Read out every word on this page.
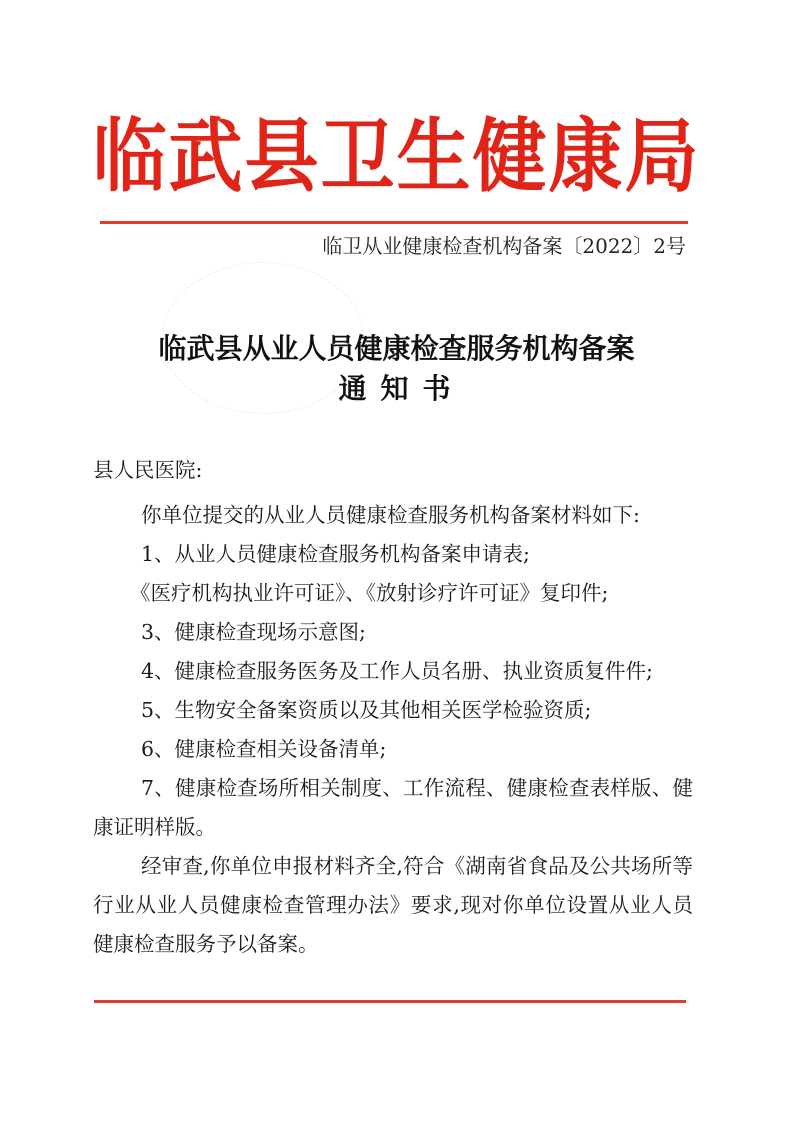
临武县卫生健康局
临卫从业健康检查机构备案〔2022〕2号
临武县从业人员健康检查服务机构备案
通知书
县人民医院:

你单位提交的从业人员健康检查服务机构备案材料如下:

1、从业人员健康检查服务机构备案申请表;

《医疗机构执业许可证》、《放射诊疗许可证》复印件;

3、健康检查现场示意图;

4、健康检查服务医务及工作人员名册、执业资质复件件;

5、生物安全备案资质以及其他相关医学检验资质;

6、健康检查相关设备清单;

7、健康检查场所相关制度、工作流程、健康检查表样版、健康证明样版。

经审查,你单位申报材料齐全,符合《湖南省食品及公共场所等行业从业人员健康检查管理办法》要求,现对你单位设置从业人员健康检查服务予以备案。
